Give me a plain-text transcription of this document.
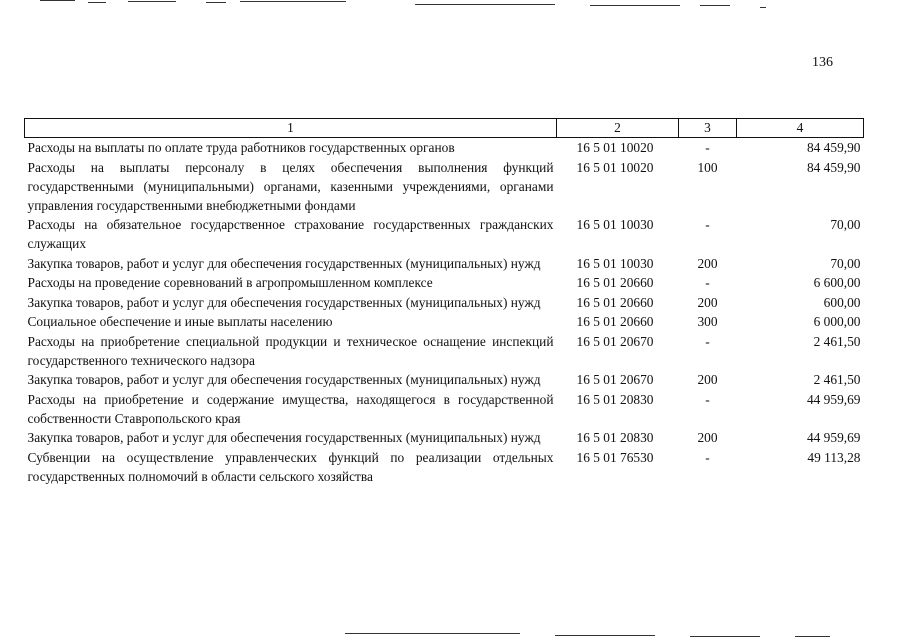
136
1	2	3	4
Расходы на выплаты по оплате труда работников государственных органов	16 5 01 10020	-	84 459,90
Расходы на выплаты персоналу в целях обеспечения выполнения функций государственными (муниципальными) органами, казенными учреждениями, органами управления государственными внебюджетными фондами	16 5 01 10020	100	84 459,90
Расходы на обязательное государственное страхование государственных гражданских служащих	16 5 01 10030	-	70,00
Закупка товаров, работ и услуг для обеспечения государственных (муниципальных) нужд	16 5 01 10030	200	70,00
Расходы на проведение соревнований в агропромышленном комплексе	16 5 01 20660	-	6 600,00
Закупка товаров, работ и услуг для обеспечения государственных (муниципальных) нужд	16 5 01 20660	200	600,00
Социальное обеспечение и иные выплаты населению	16 5 01 20660	300	6 000,00
Расходы на приобретение специальной продукции и техническое оснащение инспекций государственного технического надзора	16 5 01 20670	-	2 461,50
Закупка товаров, работ и услуг для обеспечения государственных (муниципальных) нужд	16 5 01 20670	200	2 461,50
Расходы на приобретение и содержание имущества, находящегося в государственной собственности Ставропольского края	16 5 01 20830	-	44 959,69
Закупка товаров, работ и услуг для обеспечения государственных (муниципальных) нужд	16 5 01 20830	200	44 959,69
Субвенции на осуществление управленческих функций по реализации отдельных государственных полномочий в области сельского хозяйства	16 5 01 76530	-	49 113,28
